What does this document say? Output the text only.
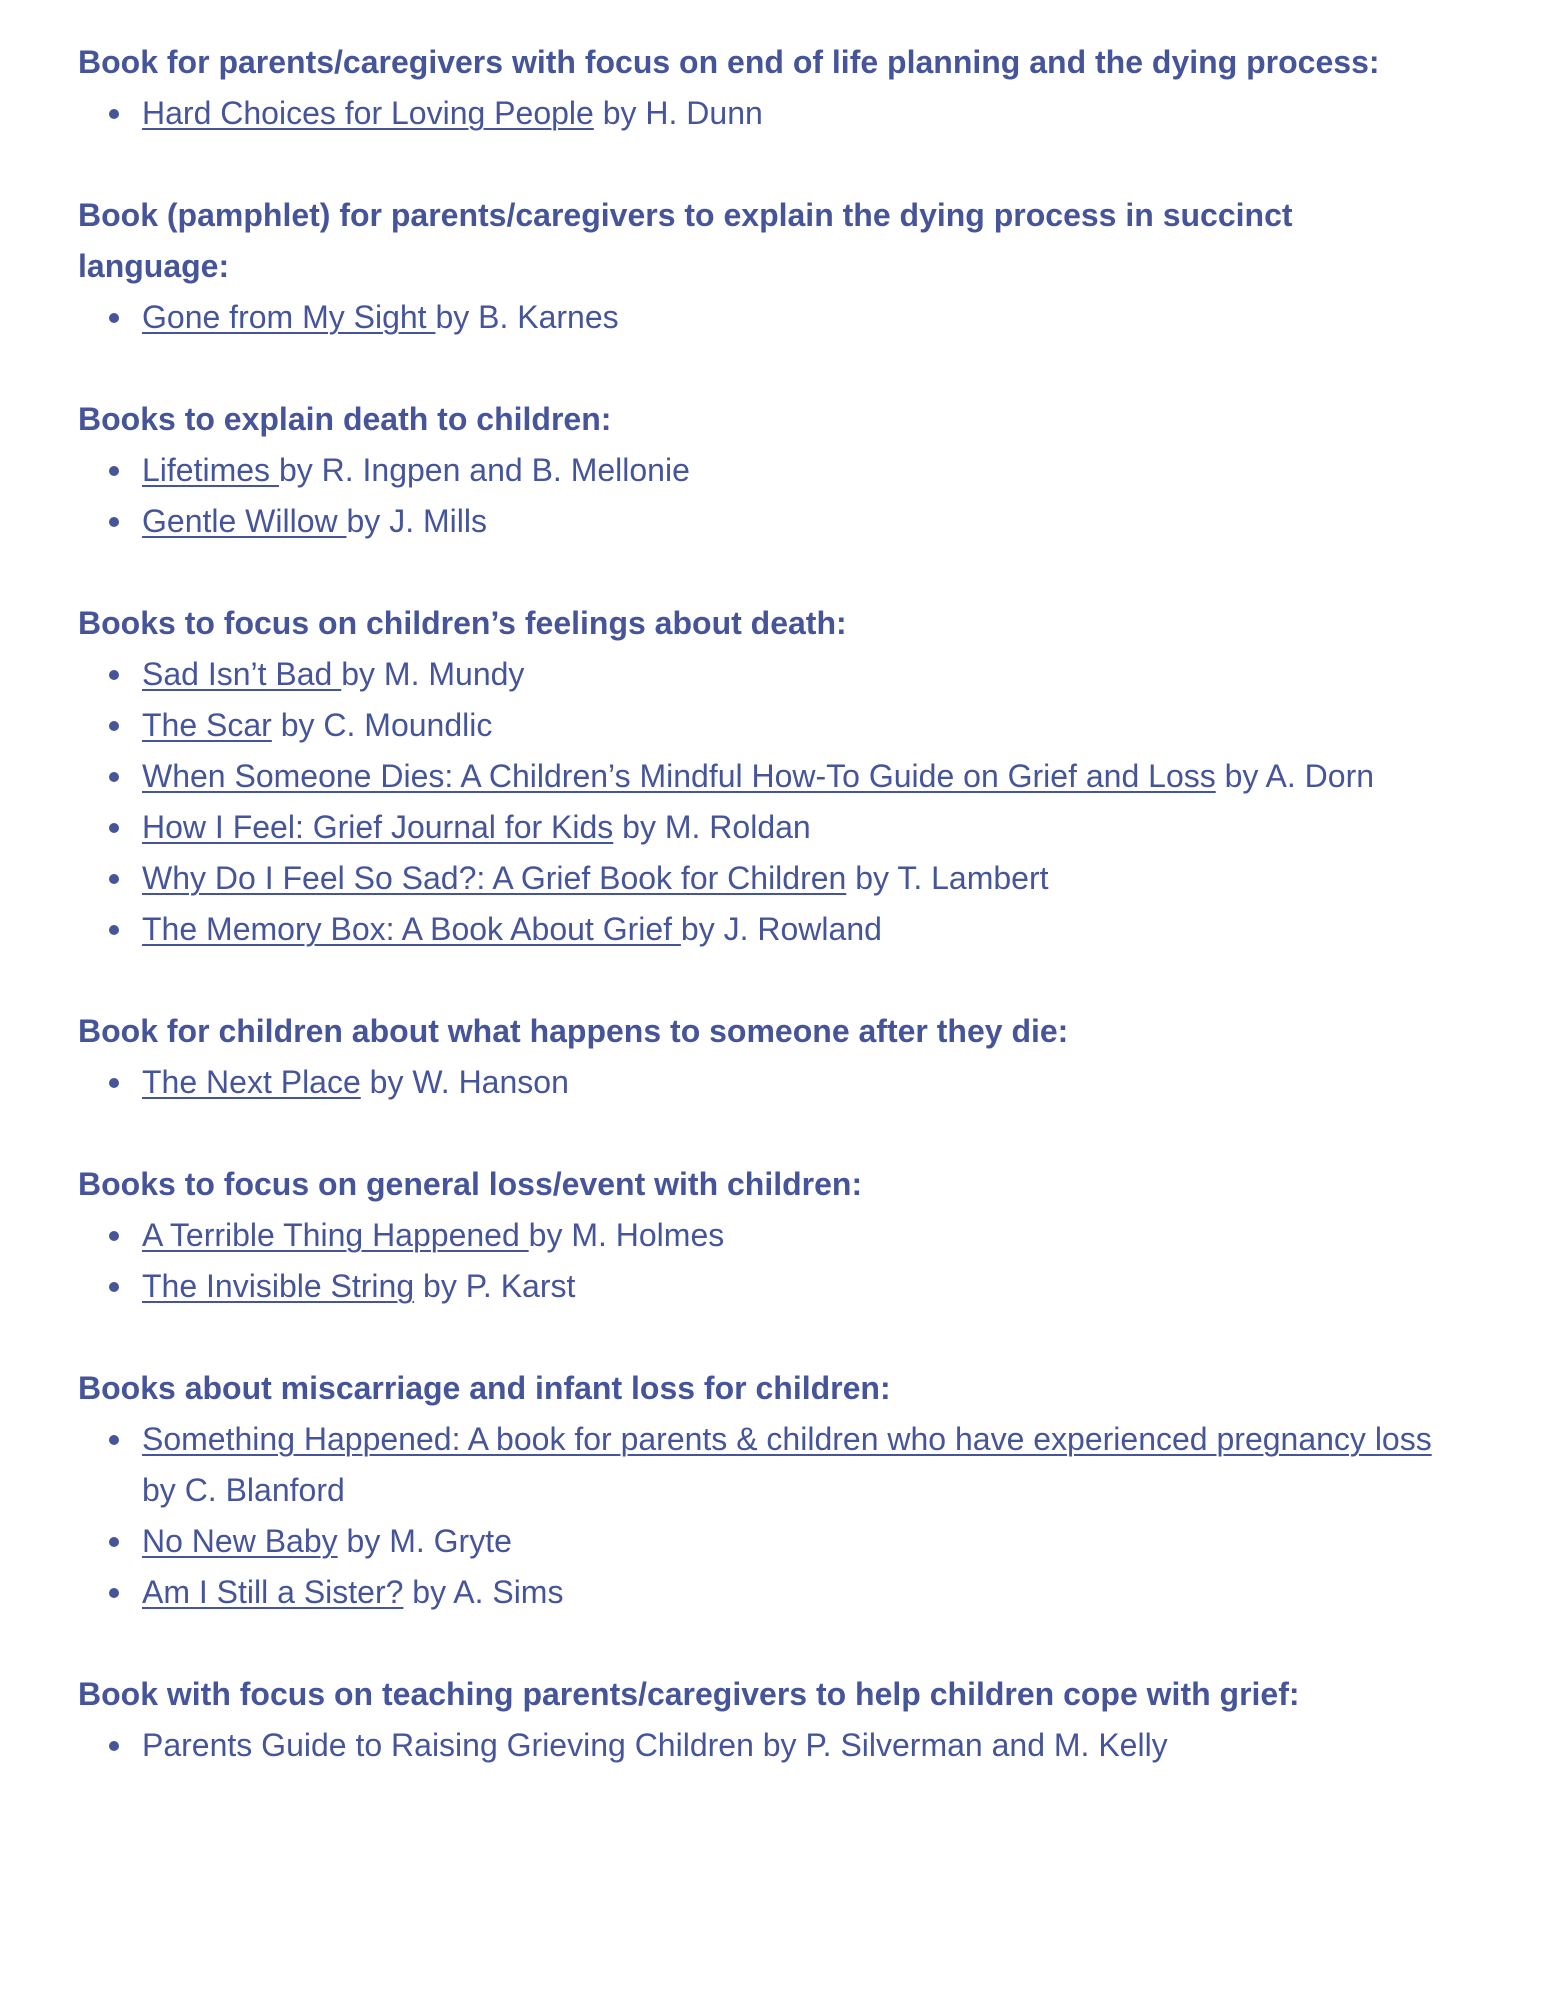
Book for parents/caregivers with focus on end of life planning and the dying process:
Hard Choices for Loving People by H. Dunn
Book (pamphlet) for parents/caregivers to explain the dying process in succinct language:
Gone from My Sight by B. Karnes
Books to explain death to children:
Lifetimes by R. Ingpen and B. Mellonie
Gentle Willow by J. Mills
Books to focus on children’s feelings about death:
Sad Isn’t Bad by M. Mundy
The Scar by C. Moundlic
When Someone Dies: A Children’s Mindful How-To Guide on Grief and Loss by A. Dorn
How I Feel: Grief Journal for Kids by M. Roldan
Why Do I Feel So Sad?: A Grief Book for Children by T. Lambert
The Memory Box: A Book About Grief by J. Rowland
Book for children about what happens to someone after they die:
The Next Place by W. Hanson
Books to focus on general loss/event with children:
A Terrible Thing Happened by M. Holmes
The Invisible String by P. Karst
Books about miscarriage and infant loss for children:
Something Happened: A book for parents & children who have experienced pregnancy loss by C. Blanford
No New Baby by M. Gryte
Am I Still a Sister? by A. Sims
Book with focus on teaching parents/caregivers to help children cope with grief:
Parents Guide to Raising Grieving Children by P. Silverman and M. Kelly
